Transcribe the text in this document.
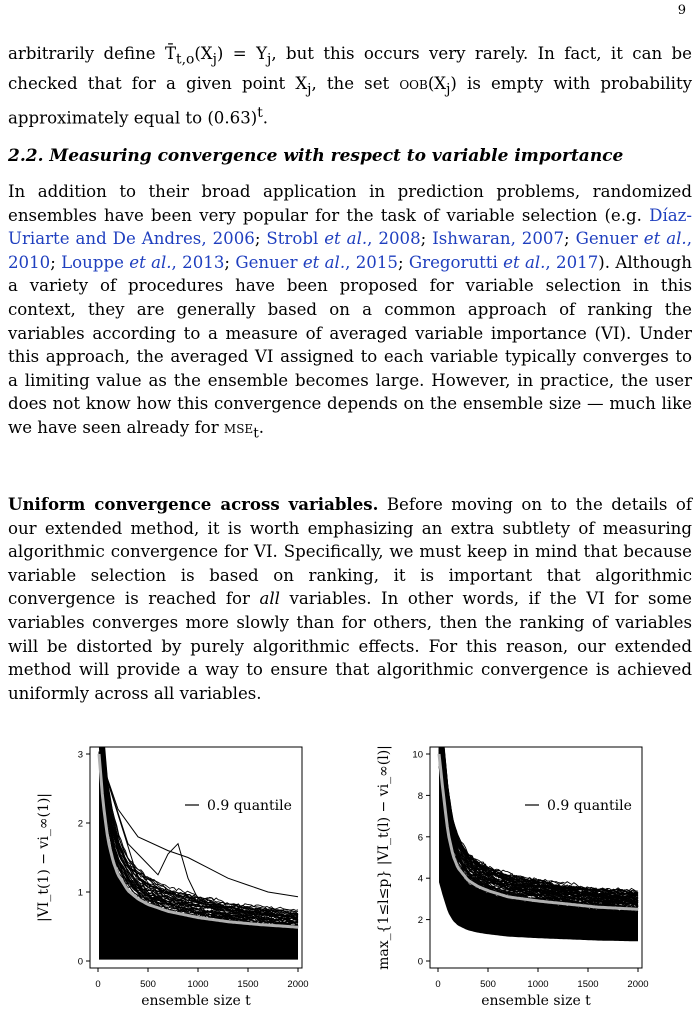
9
arbitrarily define $T̄_{t,o}(X_j) = Y_j$, but this occurs very rarely. In fact, it can be checked that for a given point $X_j$, the set $oob(X_j)$ is empty with probability approximately equal to $(0.63)^t$.
2.2. Measuring convergence with respect to variable importance
In addition to their broad application in prediction problems, randomized ensembles have been very popular for the task of variable selection (e.g. Díaz-Uriarte and De Andres, 2006; Strobl et al., 2008; Ishwaran, 2007; Genuer et al., 2010; Louppe et al., 2013; Genuer et al., 2015; Gregorutti et al., 2017). Although a variety of procedures have been proposed for variable selection in this context, they are generally based on a common approach of ranking the variables according to a measure of averaged variable importance (VI). Under this approach, the averaged VI assigned to each variable typically converges to a limiting value as the ensemble becomes large. However, in practice, the user does not know how this convergence depends on the ensemble size — much like we have seen already for mse$_t$.
Uniform convergence across variables. Before moving on to the details of our extended method, it is worth emphasizing an extra subtlety of measuring algorithmic convergence for VI. Specifically, we must keep in mind that because variable selection is based on ranking, it is important that algorithmic convergence is reached for all variables. In other words, if the VI for some variables converges more slowly than for others, then the ranking of variables will be distorted by purely algorithmic effects. For this reason, our extended method will provide a way to ensure that algorithmic convergence is achieved uniformly across all variables.
0	500	1000	1500	2000
0
1
2
3
0.9 quantile
ensemble size t
|VI_t(1) − vi_∞(1)|
0	500	1000	1500	2000
0
2
4
6
8
10
0.9 quantile
ensemble size t
max_{1≤l≤p} |VI_t(l) − vi_∞(l)|
